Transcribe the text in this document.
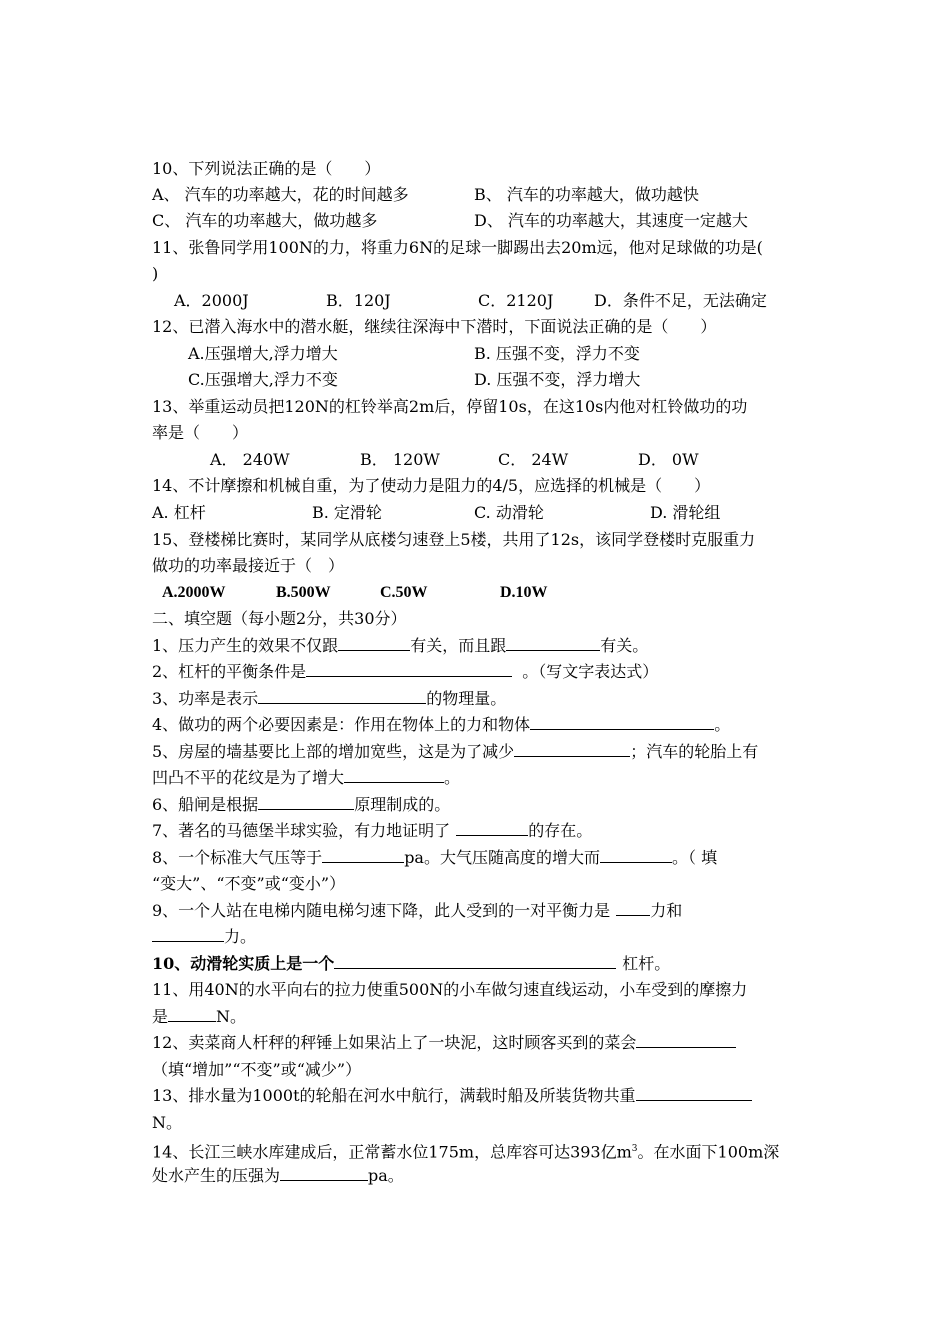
10、下列说法正确的是（　　）
A、 汽车的功率越大，花的时间越多	B、 汽车的功率越大，做功越快
C、 汽车的功率越大，做功越多	D、 汽车的功率越大，其速度一定越大
11、张鲁同学用100N的力，将重力6N的足球一脚踢出去20m远，他对足球做的功是(
)
A．2000J	B．120J	C．2120J	D．条件不足，无法确定
12、已潜入海水中的潜水艇，继续往深海中下潜时，下面说法正确的是（　　）
A.压强增大,浮力增大	B. 压强不变，浮力不变
C.压强增大,浮力不变	D. 压强不变，浮力增大
13、举重运动员把120N的杠铃举高2m后，停留10s，在这10s内他对杠铃做功的功
率是（　　）
A． 240W	B． 120W	C． 24W	D． 0W
14、不计摩擦和机械自重，为了使动力是阻力的4/5，应选择的机械是（　　）
A. 杠杆	B. 定滑轮	C. 动滑轮	D. 滑轮组
15、登楼梯比赛时，某同学从底楼匀速登上5楼，共用了12s，该同学登楼时克服重力
做功的功率最接近于（　）
A.2000W	B.500W	C.50W	D.10W
二、填空题（每小题2分，共30分）
1、压力产生的效果不仅跟	有关，而且跟	有关。
2、杠杆的平衡条件是	。（写文字表达式）
3、功率是表示	的物理量。
4、做功的两个必要因素是：作用在物体上的力和物体	。
5、房屋的墙基要比上部的增加宽些，这是为了减少	；汽车的轮胎上有
凹凸不平的花纹是为了增大	。
6、船闸是根据	原理制成的。
7、著名的马德堡半球实验，有力地证明了	的存在。
8、一个标准大气压等于	pa。大气压随高度的增大而	。（ 填
“变大”、“不变”或“变小”）
9、一个人站在电梯内随电梯匀速下降，此人受到的一对平衡力是	力和
力。
10、动滑轮实质上是一个	杠杆。
11、用40N的水平向右的拉力使重500N的小车做匀速直线运动，小车受到的摩擦力
是	N。
12、卖菜商人杆秤的秤锤上如果沾上了一块泥，这时顾客买到的菜会
（填“增加”“不变”或“减少”）
13、排水量为1000t的轮船在河水中航行，满载时船及所装货物共重
N。
14、长江三峡水库建成后，正常蓄水位175m，总库容可达393亿$m^3$。在水面下100m深
处水产生的压强为	pa。
